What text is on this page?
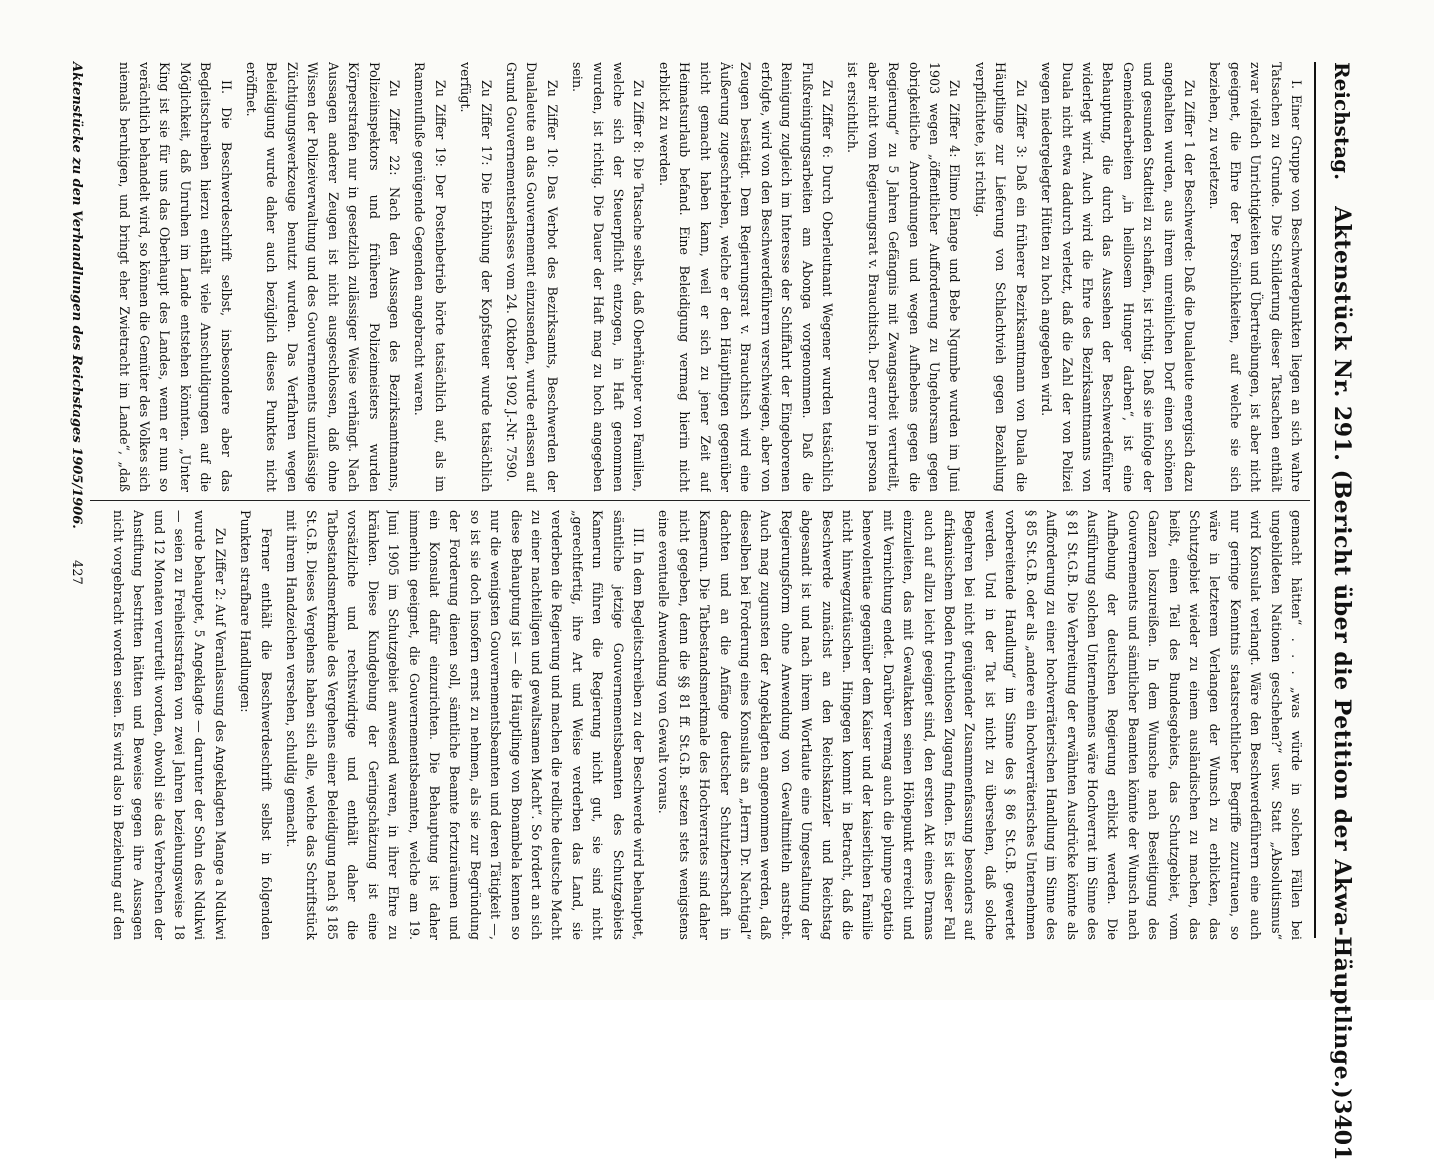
Reichstag.
Aktenstück Nr. 291. (Bericht über die Petition der Akwa-Häuptlinge.)
3401

I. Einer Gruppe von Beschwerdepunkten liegen an sich wahre Tatsachen zu Grunde. Die Schilderung dieser Tatsachen enthält zwar vielfach Unrichtigkeiten und Übertreibungen, ist aber nicht geeignet, die Ehre der Persönlichkeiten, auf welche sie sich beziehen, zu verletzen.

Zu Ziffer 1 der Beschwerde: Daß die Dualaleute energisch dazu angehalten wurden, aus ihrem unreinlichen Dorf einen schönen und gesunden Stadtteil zu schaffen, ist richtig. Daß sie infolge der Gemeindearbeiten „in heillosem Hunger darben“, ist eine Behauptung, die durch das Aussehen der Beschwerdeführer widerlegt wird. Auch wird die Ehre des Bezirksamtmanns von Duala nicht etwa dadurch verletzt, daß die Zahl der von Polizei wegen niedergelegter Hütten zu hoch angegeben wird.

Zu Ziffer 3: Daß ein früherer Bezirksamtmann von Duala die Häuptlinge zur Lieferung von Schlachtvieh gegen Bezahlung verpflichtete, ist richtig.

Zu Ziffer 4: Elimo Elange und Bebe Ngumbe wurden im Juni 1903 wegen „öffentlicher Aufforderung zu Ungehorsam gegen obrigkeitliche Anordnungen und wegen Aufhebens gegen die Regierung“ zu 5 Jahren Gefängnis mit Zwangsarbeit verurteilt, aber nicht vom Regierungsrat v. Brauchitsch. Der error in persona ist ersichtlich.

Zu Ziffer 6: Durch Oberleutnant Wegener wurden tatsächlich Flußreinigungsarbeiten am Abonga vorgenommen. Daß die Reinigung zugleich im Interesse der Schiffahrt der Eingeborenen erfolgte, wird von den Beschwerdeführern verschwiegen, aber von Zeugen bestätigt. Dem Regierungsrat v. Brauchitsch wird eine Äußerung zugeschrieben, welche er den Häuptlingen gegenüber nicht gemacht haben kann, weil er sich zu jener Zeit auf Heimatsurlaub befand. Eine Beleidigung vermag hierin nicht erblickt zu werden.

Zu Ziffer 8: Die Tatsache selbst, daß Oberhäupter von Familien, welche sich der Steuerpflicht entzogen, in Haft genommen wurden, ist richtig. Die Dauer der Haft mag zu hoch angegeben sein.

Zu Ziffer 10: Das Verbot des Bezirksamts, Beschwerden der Dualaleute an das Gouvernement einzusenden, wurde erlassen auf Grund Gouvernementserlasses vom 24. Oktober 1902 J.-Nr. 7590.

Zu Ziffer 17: Die Erhöhung der Kopfsteuer wurde tatsächlich verfügt.

Zu Ziffer 19: Der Postenbetrieb hörte tatsächlich auf, als im Ramenufluße genügende Gegenden angebracht waren.

Zu Ziffer 22: Nach den Aussagen des Bezirksamtmanns, Polizeiinspektors und früheren Polizeimeisters wurden Körperstrafen nur in gesetzlich zulässiger Weise verhängt. Nach Aussagen anderer Zeugen ist nicht ausgeschlossen, daß ohne Wissen der Polizeiverwaltung und des Gouvernements unzulässige Züchtigungswerkzeuge benutzt wurden. Das Verfahren wegen Beleidigung wurde daher auch bezüglich dieses Punktes nicht eröffnet.

II. Die Beschwerdeschrift selbst, insbesondere aber das Begleitschreiben hierzu enthält viele Anschuldigungen auf die Möglichkeit, daß Unruhen im Lande entstehen könnten. „Unter King ist sie für uns das Oberhaupt des Landes, wenn er nun so verächtlich behandelt wird, so können die Gemüter des Volkes sich niemals beruhigen, und bringt eher Zwietracht im Lande“, „daß

gemacht hätten“ . . . „was würde in solchen Fällen bei ungebildeten Nationen geschehen?“ usw. Statt „Absolutismus“ wird Konsulat verlangt. Wäre den Beschwerdeführern eine auch nur geringe Kenntnis staatsrechtlicher Begriffe zuzutrauen, so wäre in letzterem Verlangen der Wunsch zu erblicken, das Schutzgebiet wieder zu einem ausländischen zu machen, das heißt, einen Teil des Bundesgebiets, das Schutzgebiet, vom Ganzen loszureißen. In dem Wunsche nach Beseitigung des Gouvernements und sämtlicher Beamten könnte der Wunsch nach Aufhebung der deutschen Regierung erblickt werden. Die Ausführung solchen Unternehmens wäre Hochverrat im Sinne des § 81 St.G.B. Die Verbreitung der erwähnten Ausdrücke könnte als Aufforderung zu einer hochverräterischen Handlung im Sinne des § 85 St.G.B. oder als „andere ein hochverräterisches Unternehmen vorbereitende Handlung“ im Sinne des § 86 St.G.B. gewertet werden. Und in der Tat ist nicht zu übersehen, daß solche Begehren bei nicht genügender Zusammenfassung besonders auf afrikanischem Boden fruchtlosen Zugang finden. Es ist dieser Fall auch auf allzu leicht geeignet sind, den ersten Akt eines Dramas einzuleiten, das mit Gewaltakten seinen Höhepunkt erreicht und mit Vernichtung endet. Darüber vermag auch die plumpe captatio benevolentiae gegenüber dem Kaiser und der kaiserlichen Familie nicht hinwegzutäuschen. Hingegen kommt in Betracht, daß die Beschwerde zunächst an den Reichskanzler und Reichstag abgesandt ist und nach ihrem Wortlaute eine Umgestaltung der Regierungsform ohne Anwendung von Gewaltmitteln anstrebt. Auch mag zugunsten der Angeklagten angenommen werden, daß dieselben bei Forderung eines Konsulats an „Herrn Dr. Nachtigal“ dachten und an die Anfänge deutscher Schutzherrschaft in Kamerun. Die Tatbestandsmerkmale des Hochverrates sind daher nicht gegeben, denn die §§ 81 ff. St.G.B. setzen stets wenigstens eine eventuelle Anwendung von Gewalt voraus.

III. In dem Begleitschreiben zu der Beschwerde wird behauptet, sämtliche jetzige Gouvernementsbeamten des Schutzgebiets Kamerun führen die Regierung nicht gut, sie sind nicht „gerechtfertig, ihre Art und Weise verderben das Land, sie verderben die Regierung und machen die redliche deutsche Macht zu einer nachteiligen und gewaltsamen Macht“. So fordert an sich diese Behauptung ist — die Häuptlinge von Bonambela kennen so nur die wenigsten Gouvernementsbeamten und deren Tätigkeit —, so ist sie doch insofern ernst zu nehmen, als sie zur Begründung der Forderung dienen soll, sämtliche Beamte fortzuräumen und ein Konsulat dafür einzurichten. Die Behauptung ist daher immerhin geeignet, die Gouvernementsbeamten, welche am 19. Juni 1905 im Schutzgebiet anwesend waren, in ihrer Ehre zu kränken. Diese Kundgebung der Geringschätzung ist eine vorsätzliche und rechtswidrige und enthält daher die Tatbestandsmerkmale des Vergehens einer Beleidigung nach § 185 St.G.B. Dieses Vergehens haben sich alle, welche das Schriftstück mit ihrem Handzeichen versehen, schuldig gemacht.

Ferner enthält die Beschwerdeschrift selbst in folgenden Punkten strafbare Handlungen:

Zu Ziffer 2: Auf Veranlassung des Angeklagten Mange a Ndukwi wurde behauptet, 5 Angeklagte — darunter der Sohn des Ndukwi — seien zu Freiheitsstrafen von zwei Jahren beziehungsweise 18 und 12 Monaten verurteilt worden, obwohl sie das Verbrechen der Anstiftung bestritten hätten und Beweise gegen ihre Aussagen nicht vorgebracht worden seien. Es wird also in Beziehung auf den

Aktenstücke zu den Verhandlungen des Reichstages 1905/1906.
427
